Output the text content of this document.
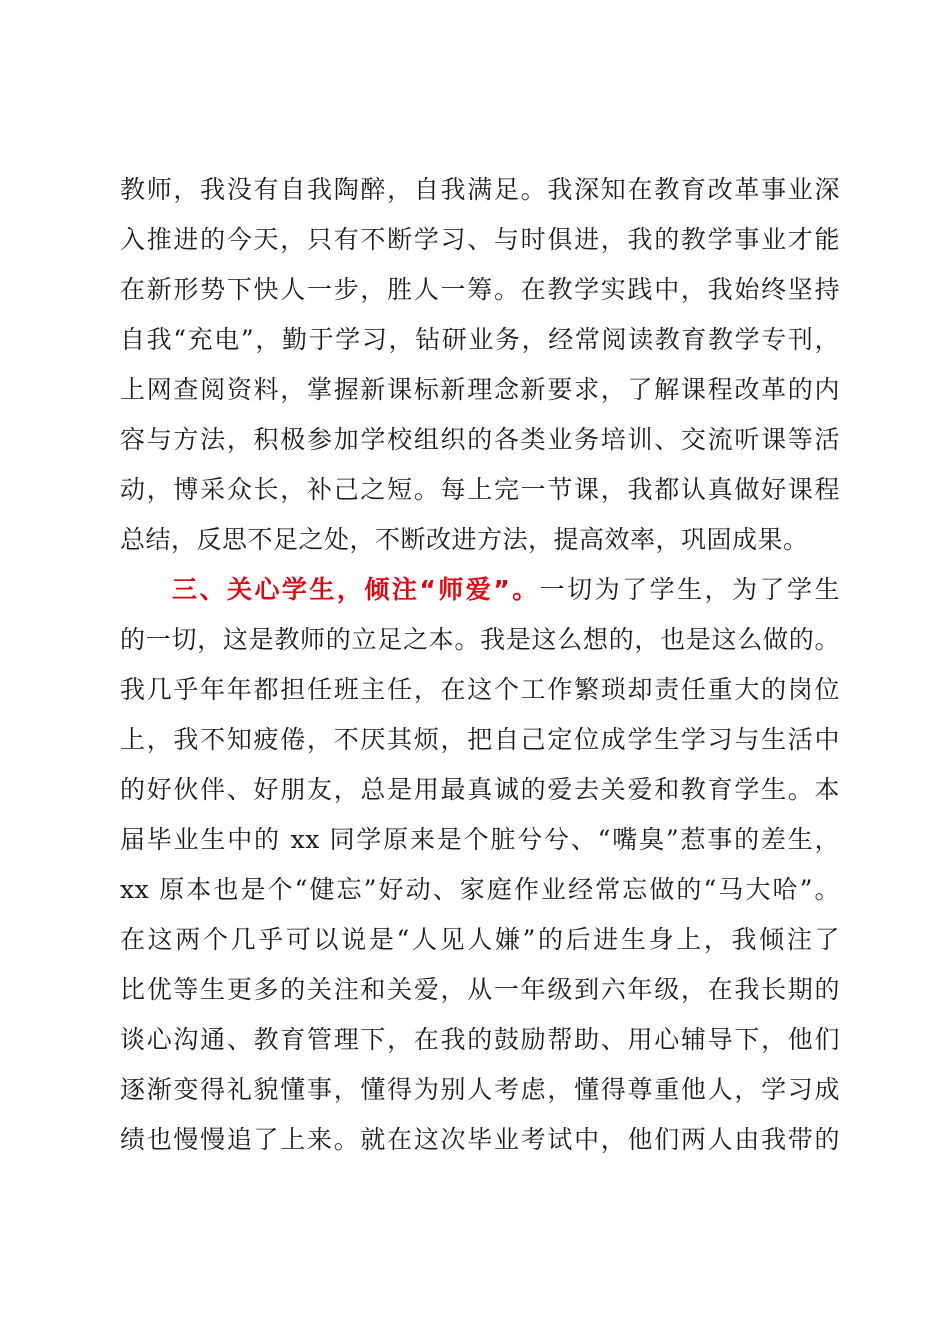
教师，我没有自我陶醉，自我满足。我深知在教育改革事业深
入推进的今天，只有不断学习、与时俱进，我的教学事业才能
在新形势下快人一步，胜人一筹。在教学实践中，我始终坚持
自我“充电”，勤于学习，钻研业务，经常阅读教育教学专刊，
上网查阅资料，掌握新课标新理念新要求，了解课程改革的内
容与方法，积极参加学校组织的各类业务培训、交流听课等活
动，博采众长，补己之短。每上完一节课，我都认真做好课程
总结，反思不足之处，不断改进方法，提高效率，巩固成果。
三、关心学生，倾注“师爱”。一切为了学生，为了学生
的一切，这是教师的立足之本。我是这么想的，也是这么做的。
我几乎年年都担任班主任，在这个工作繁琐却责任重大的岗位
上，我不知疲倦，不厌其烦，把自己定位成学生学习与生活中
的好伙伴、好朋友，总是用最真诚的爱去关爱和教育学生。本
届毕业生中的 xx 同学原来是个脏兮兮、“嘴臭”惹事的差生，
xx 原本也是个“健忘”好动、家庭作业经常忘做的“马大哈”。
在这两个几乎可以说是“人见人嫌”的后进生身上，我倾注了
比优等生更多的关注和关爱，从一年级到六年级，在我长期的
谈心沟通、教育管理下，在我的鼓励帮助、用心辅导下，他们
逐渐变得礼貌懂事，懂得为别人考虑，懂得尊重他人，学习成
绩也慢慢追了上来。就在这次毕业考试中，他们两人由我带的
